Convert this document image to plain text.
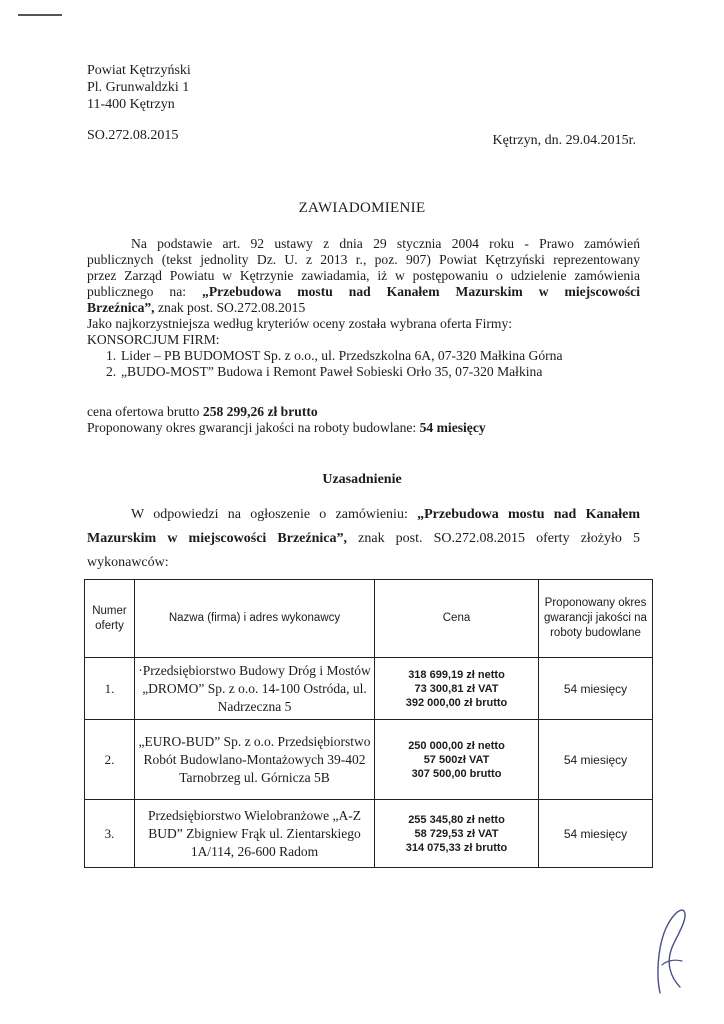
Powiat Kętrzyński
Pl. Grunwaldzki 1
11-400 Kętrzyn
SO.272.08.2015	Kętrzyn, dn. 29.04.2015r.
ZAWIADOMIENIE

Na podstawie art. 92 ustawy z dnia 29 stycznia 2004 roku - Prawo zamówień

publicznych (tekst jednolity Dz. U. z 2013 r., poz. 907) Powiat Kętrzyński reprezentowany

przez Zarząd Powiatu w Kętrzynie zawiadamia, iż w postępowaniu o udzielenie zamówienia

publicznego na: „Przebudowa mostu nad Kanałem Mazurskim w miejscowości

Brzeźnica”, znak post. SO.272.08.2015

Jako najkorzystniejsza według kryteriów oceny została wybrana oferta Firmy:

KONSORCJUM FIRM:

1. Lider – PB BUDOMOST Sp. z o.o., ul. Przedszkolna 6A, 07-320 Małkina Górna
2. „BUDO-MOST” Budowa i Remont Paweł Sobieski Orło 35, 07-320 Małkina
cena ofertowa brutto 258 299,26 zł brutto
Proponowany okres gwarancji jakości na roboty budowlane: 54 miesięcy
Uzasadnienie

W odpowiedzi na ogłoszenie o zamówieniu: „Przebudowa mostu nad Kanałem

Mazurskim w miejscowości Brzeźnica”, znak post. SO.272.08.2015 oferty złożyło 5

wykonawców:

Numer oferty	Nazwa (firma) i adres wykonawcy	Cena	Proponowany okres gwarancji jakości na roboty budowlane
1.	·Przedsiębiorstwo Budowy Dróg i Mostów „DROMO” Sp. z o.o. 14-100 Ostróda, ul. Nadrzeczna 5	318 699,19 zł netto
73 300,81 zł VAT
392 000,00 zł brutto	54 miesięcy
2.	„EURO-BUD” Sp. z o.o. Przedsiębiorstwo Robót Budowlano-Montażowych 39-402 Tarnobrzeg ul. Górnicza 5B	250 000,00 zł netto
57 500zł VAT
307 500,00 brutto	54 miesięcy
3.	Przedsiębiorstwo Wielobranżowe „A-Z BUD” Zbigniew Frąk ul. Zientarskiego 1A/114, 26-600 Radom	255 345,80 zł netto
58 729,53 zł VAT
314 075,33 zł brutto	54 miesięcy
